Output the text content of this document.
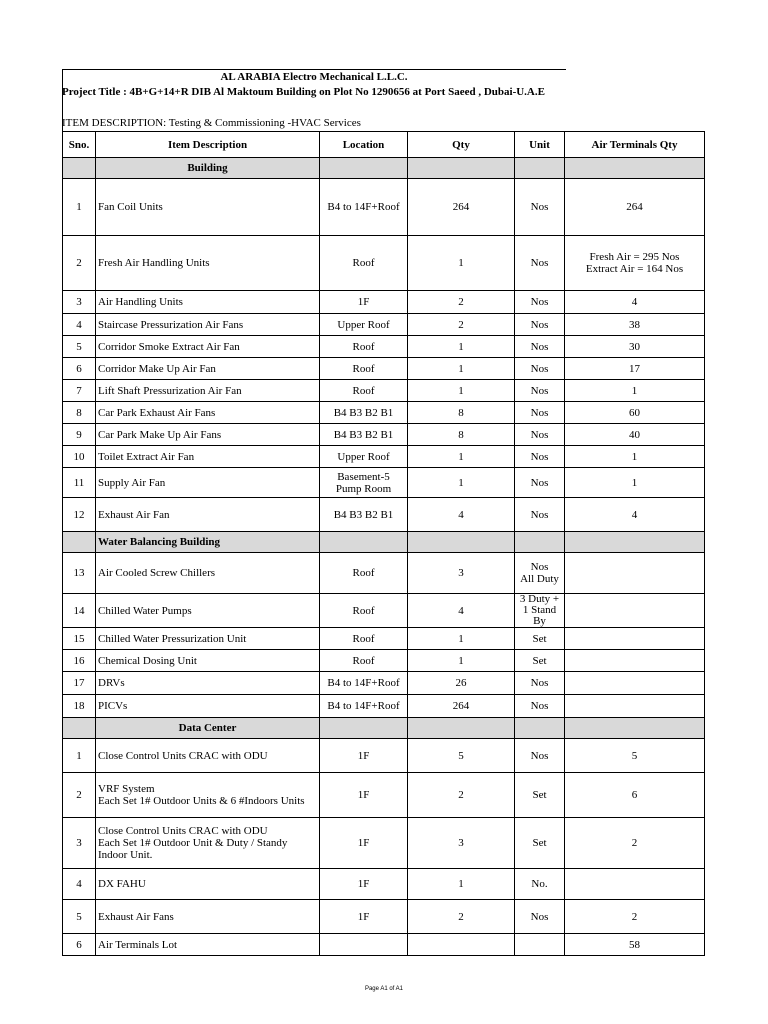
AL ARABIA Electro Mechanical L.L.C.
Project Title : 4B+G+14+R DIB Al Maktoum Building on Plot No 1290656 at Port Saeed , Dubai-U.A.E
ITEM DESCRIPTION: Testing & Commissioning -HVAC Services
Sno.	Item Description	Location	Qty	Unit	Air Terminals Qty
	Building				
1	Fan Coil Units	B4 to 14F+Roof	264	Nos	264
2	Fresh Air Handling Units	Roof	1	Nos	Fresh Air = 295 Nos
Extract Air = 164 Nos
3	Air Handling Units	1F	2	Nos	4
4	Staircase Pressurization Air Fans	Upper Roof	2	Nos	38
5	Corridor Smoke Extract Air Fan	Roof	1	Nos	30
6	Corridor Make Up Air Fan	Roof	1	Nos	17
7	Lift Shaft Pressurization Air Fan	Roof	1	Nos	1
8	Car Park Exhaust Air Fans	B4 B3 B2 B1	8	Nos	60
9	Car Park Make Up Air Fans	B4 B3 B2 B1	8	Nos	40
10	Toilet Extract Air Fan	Upper Roof	1	Nos	1
11	Supply Air Fan	Basement-5
Pump Room	1	Nos	1
12	Exhaust Air Fan	B4 B3 B2 B1	4	Nos	4
	Water Balancing Building				
13	Air Cooled Screw Chillers	Roof	3	Nos
All Duty	
14	Chilled Water Pumps	Roof	4	3 Duty +
1 Stand
By	
15	Chilled Water Pressurization Unit	Roof	1	Set	
16	Chemical Dosing Unit	Roof	1	Set	
17	DRVs	B4 to 14F+Roof	26	Nos	
18	PICVs	B4 to 14F+Roof	264	Nos	
	Data Center				
1	Close Control Units CRAC with ODU	1F	5	Nos	5
2	VRF System
Each Set 1# Outdoor Units & 6 #Indoors Units	1F	2	Set	6
3	Close Control Units CRAC with ODU
Each Set 1# Outdoor Unit & Duty / Standy Indoor Unit.	1F	3	Set	2
4	DX FAHU	1F	1	No.	
5	Exhaust Air Fans	1F	2	Nos	2
6	Air Terminals Lot				58
Page A1 of A1
